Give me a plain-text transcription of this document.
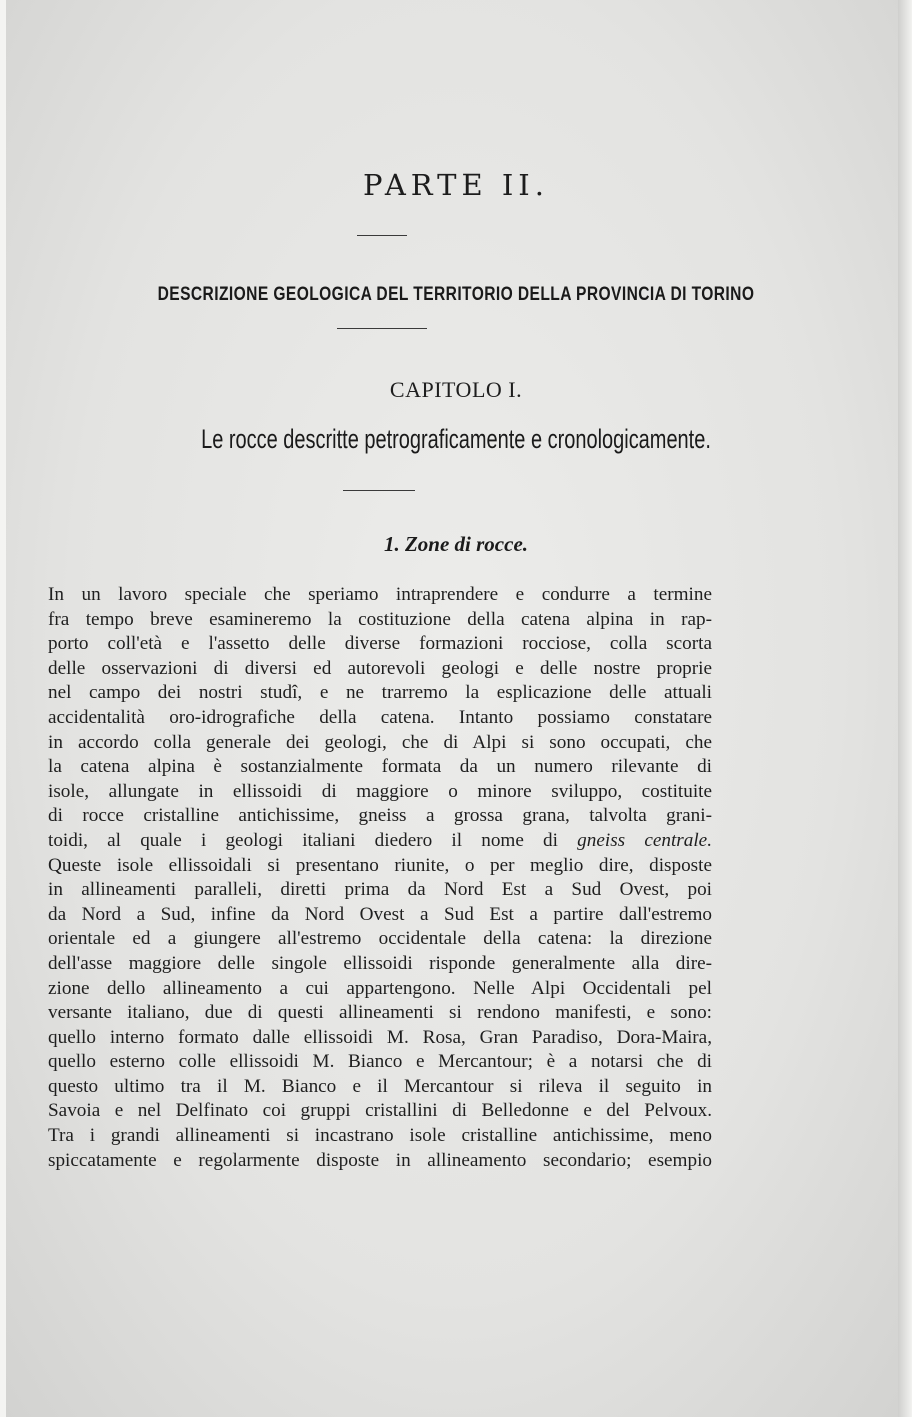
PARTE II.
DESCRIZIONE GEOLOGICA DEL TERRITORIO DELLA PROVINCIA DI TORINO
CAPITOLO I.
Le rocce descritte petrograficamente e cronologicamente.
1. Zone di rocce.
In un lavoro speciale che speriamo intraprendere e condurre a termine
fra tempo breve esamineremo la costituzione della catena alpina in rap-
porto coll'età e l'assetto delle diverse formazioni rocciose, colla scorta
delle osservazioni di diversi ed autorevoli geologi e delle nostre proprie
nel campo dei nostri studî, e ne trarremo la esplicazione delle attuali
accidentalità oro-idrografiche della catena. Intanto possiamo constatare
in accordo colla generale dei geologi, che di Alpi si sono occupati, che
la catena alpina è sostanzialmente formata da un numero rilevante di
isole, allungate in ellissoidi di maggiore o minore sviluppo, costituite
di rocce cristalline antichissime, gneiss a grossa grana, talvolta grani-
toidi, al quale i geologi italiani diedero il nome di gneiss centrale.
Queste isole ellissoidali si presentano riunite, o per meglio dire, disposte
in allineamenti paralleli, diretti prima da Nord Est a Sud Ovest, poi
da Nord a Sud, infine da Nord Ovest a Sud Est a partire dall'estremo
orientale ed a giungere all'estremo occidentale della catena: la direzione
dell'asse maggiore delle singole ellissoidi risponde generalmente alla dire-
zione dello allineamento a cui appartengono. Nelle Alpi Occidentali pel
versante italiano, due di questi allineamenti si rendono manifesti, e sono:
quello interno formato dalle ellissoidi M. Rosa, Gran Paradiso, Dora-Maira,
quello esterno colle ellissoidi M. Bianco e Mercantour; è a notarsi che di
questo ultimo tra il M. Bianco e il Mercantour si rileva il seguito in
Savoia e nel Delfinato coi gruppi cristallini di Belledonne e del Pelvoux.
Tra i grandi allineamenti si incastrano isole cristalline antichissime, meno
spiccatamente e regolarmente disposte in allineamento secondario; esempio
